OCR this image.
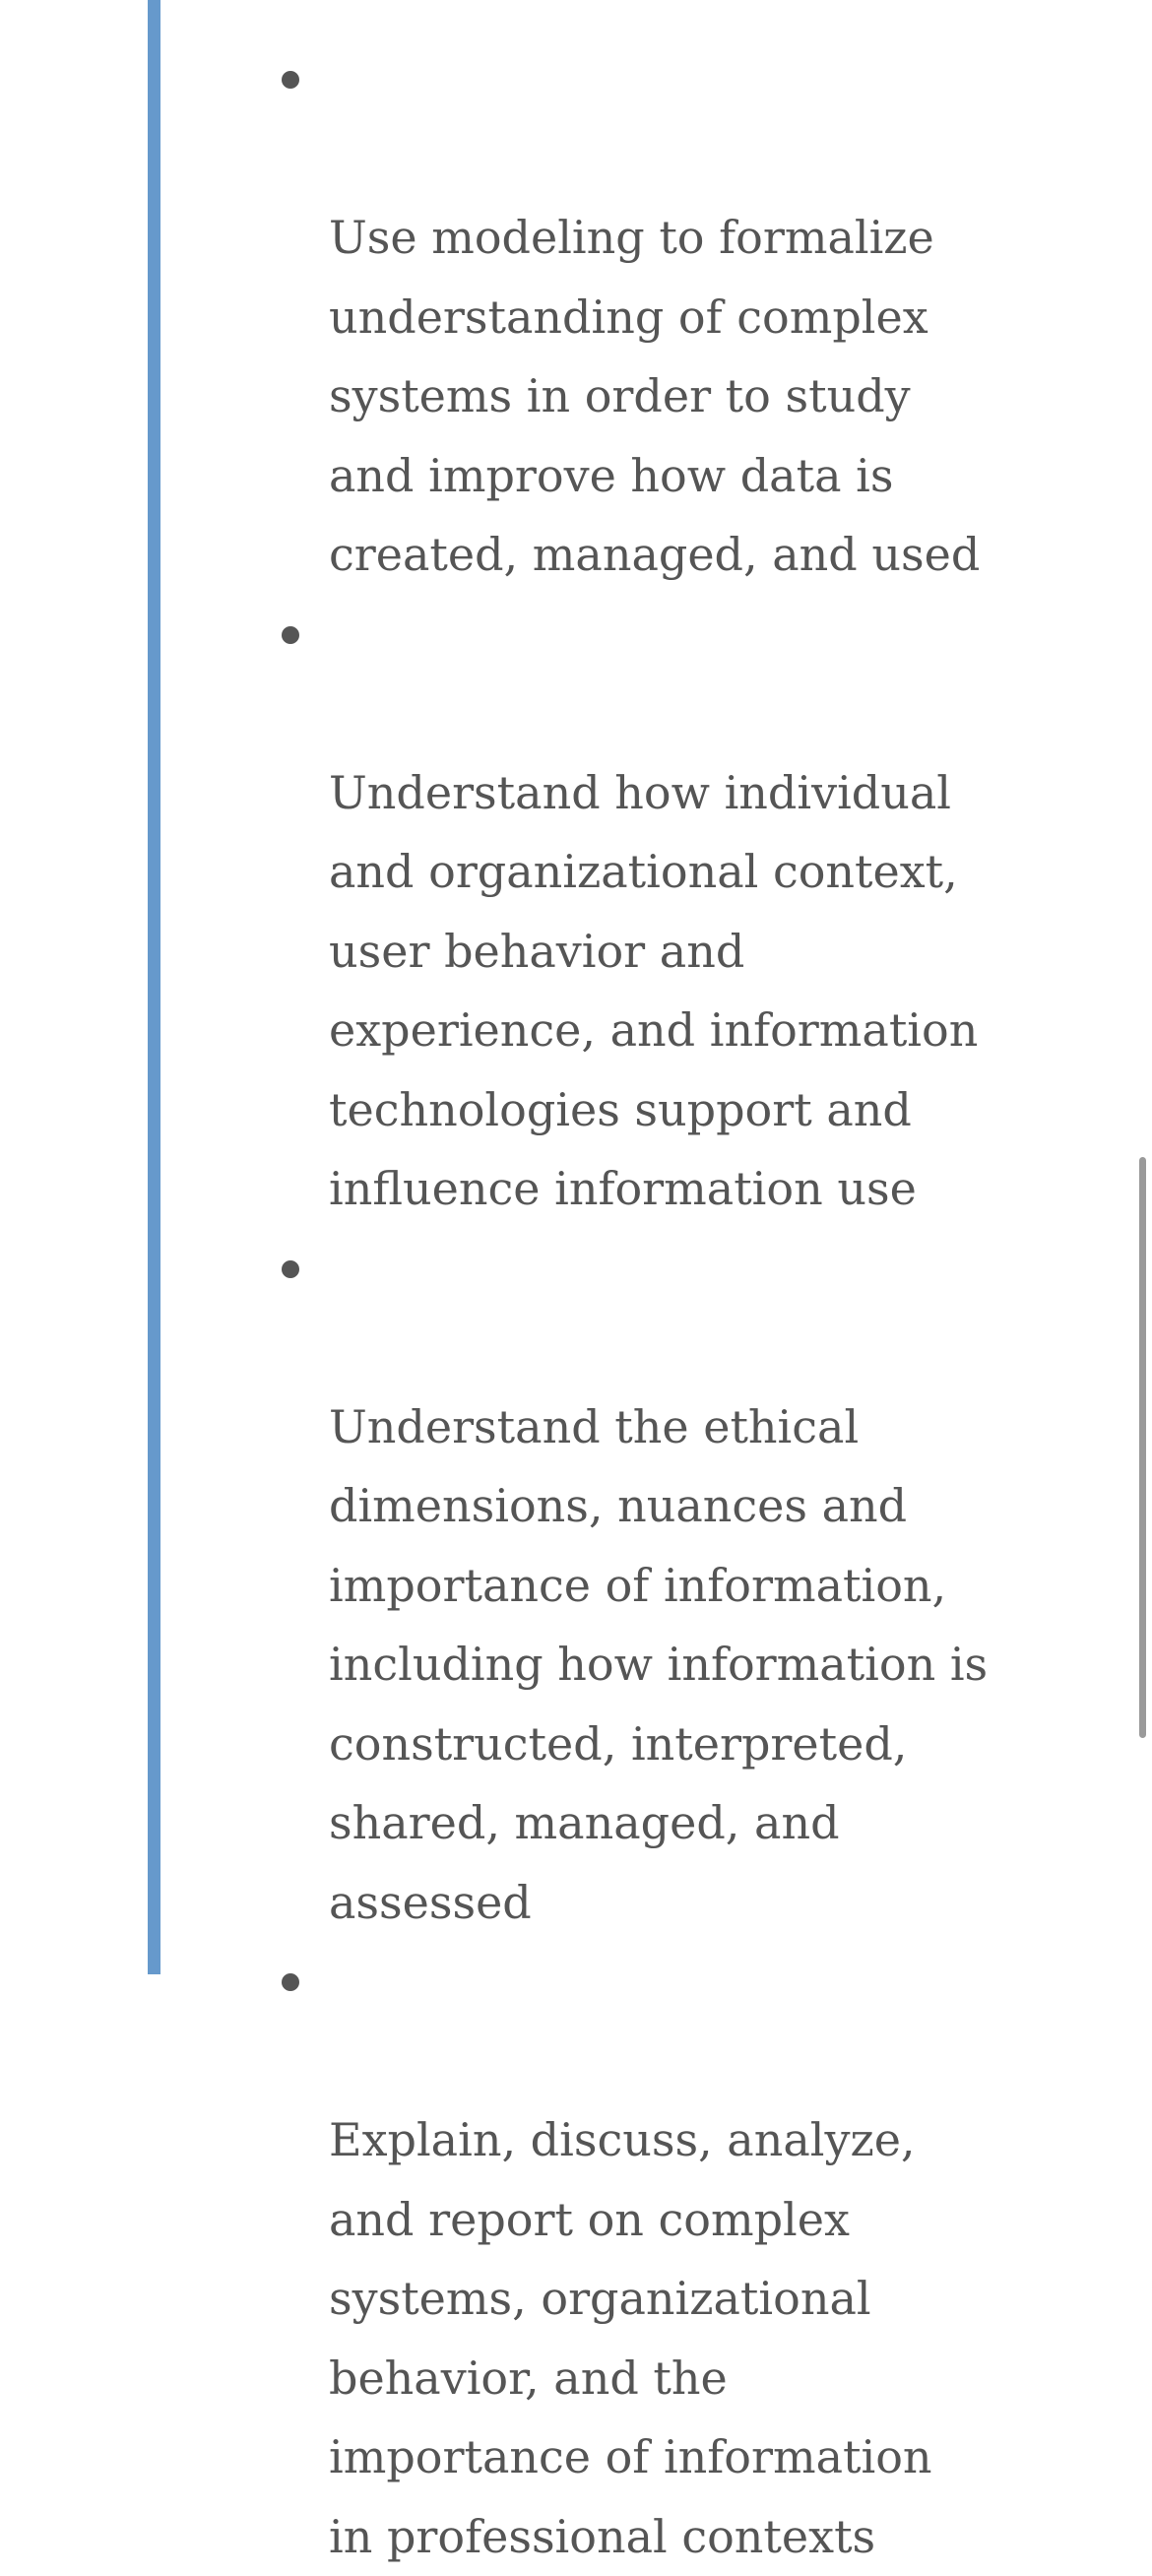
Use modeling to formalize
understanding of complex
systems in order to study
and improve how data is
created, managed, and used

Understand how individual
and organizational context,
user behavior and
experience, and information
technologies support and
influence information use

Understand the ethical
dimensions, nuances and
importance of information,
including how information is
constructed, interpreted,
shared, managed, and
assessed

Explain, discuss, analyze,
and report on complex
systems, organizational
behavior, and the
importance of information
in professional contexts
